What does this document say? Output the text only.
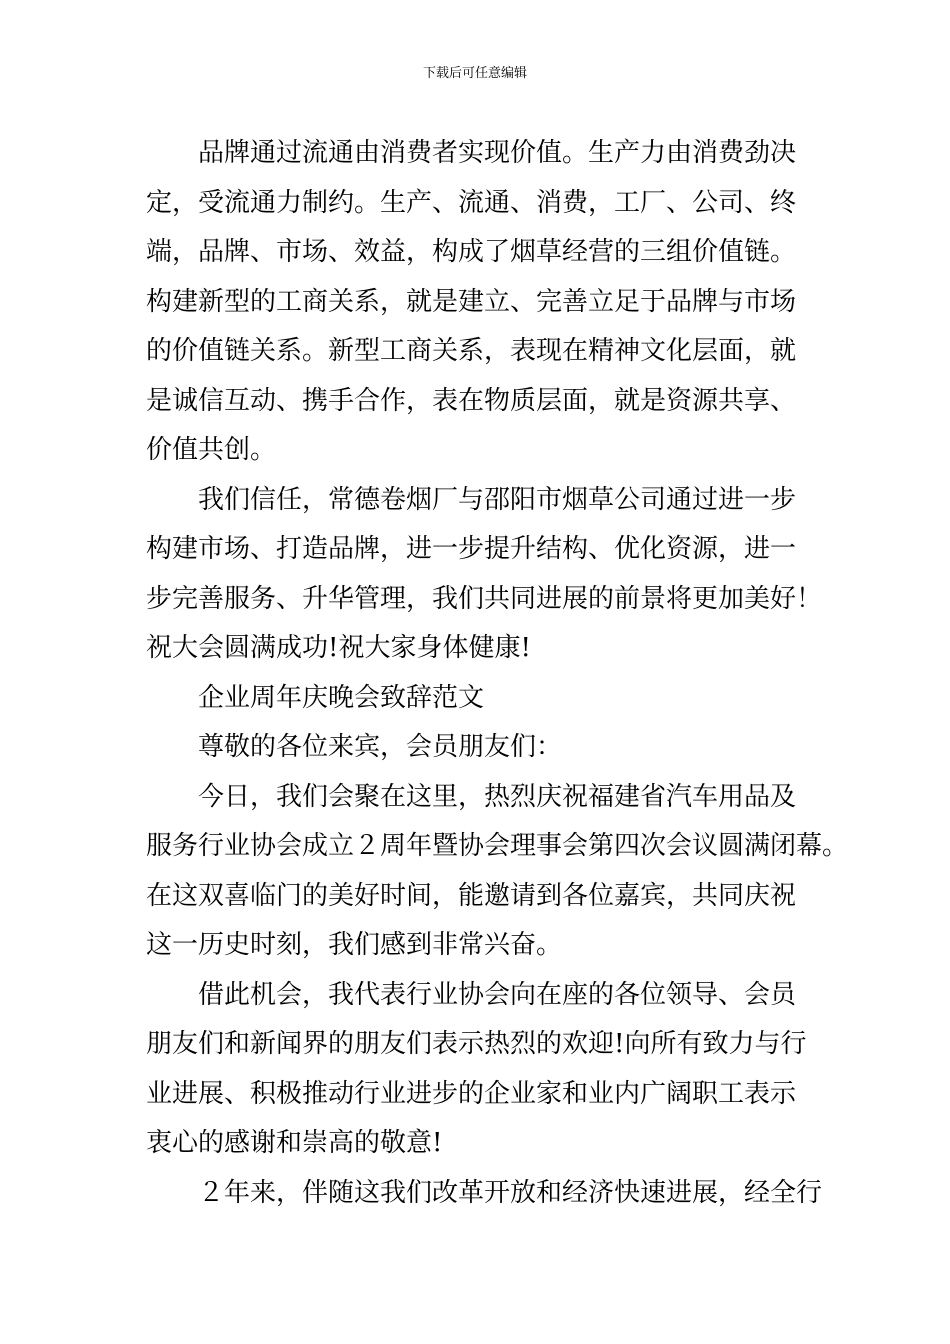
下载后可任意编辑

品牌通过流通由消费者实现价值。生产力由消费劲决
定，受流通力制约。生产、流通、消费，工厂、公司、终
端，品牌、市场、效益，构成了烟草经营的三组价值链。
构建新型的工商关系，就是建立、完善立足于品牌与市场
的价值链关系。新型工商关系，表现在精神文化层面，就
是诚信互动、携手合作，表在物质层面，就是资源共享、
价值共创。

我们信任，常德卷烟厂与邵阳市烟草公司通过进一步
构建市场、打造品牌，进一步提升结构、优化资源，进一
步完善服务、升华管理，我们共同进展的前景将更加美好！
祝大会圆满成功!祝大家身体健康!

企业周年庆晚会致辞范文

尊敬的各位来宾，会员朋友们：

今日，我们会聚在这里，热烈庆祝福建省汽车用品及
服务行业协会成立２周年暨协会理事会第四次会议圆满闭幕。
在这双喜临门的美好时间，能邀请到各位嘉宾，共同庆祝
这一历史时刻，我们感到非常兴奋。

借此机会，我代表行业协会向在座的各位领导、会员
朋友们和新闻界的朋友们表示热烈的欢迎!向所有致力与行
业进展、积极推动行业进步的企业家和业内广阔职工表示
衷心的感谢和崇高的敬意!

２年来，伴随这我们改革开放和经济快速进展，经全行
